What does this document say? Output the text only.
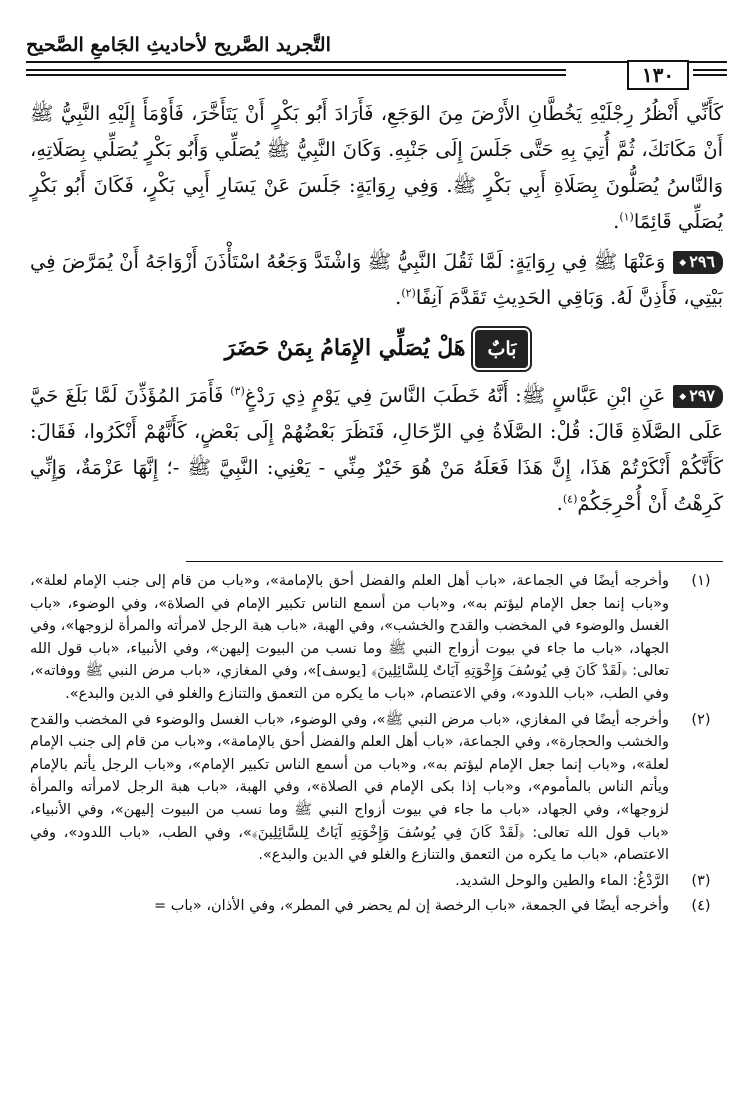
التَّجريد الصَّريح لأحاديثِ الجَامعِ الصَّحيح
١٣٠

كَأَنِّي أَنْظُرُ رِجْلَيْهِ يَخُطَّانِ الأَرْضَ مِنَ الوَجَعِ، فَأَرَادَ أَبُو بَكْرٍ أَنْ يَتَأَخَّرَ، فَأَوْمَأَ إِلَيْهِ النَّبِيُّ ﷺ أَنْ مَكَانَكَ، ثُمَّ أُتِيَ بِهِ حَتَّى جَلَسَ إِلَى جَنْبِهِ. وَكَانَ النَّبِيُّ ﷺ يُصَلِّي وَأَبُو بَكْرٍ يُصَلِّي بِصَلَاتِهِ، وَالنَّاسُ يُصَلُّونَ بِصَلَاةِ أَبِي بَكْرٍ ﷺ. وَفِي رِوَايَةٍ: جَلَسَ عَنْ يَسَارِ أَبِي بَكْرٍ، فَكَانَ أَبُو بَكْرٍ يُصَلِّي قَائِمًا$^{(١)}$.

٢٩٦ ◆وَعَنْهَا ﷺ فِي رِوَايَةٍ: لَمَّا ثَقُلَ النَّبِيُّ ﷺ وَاشْتَدَّ وَجَعُهُ اسْتَأْذَنَ أَزْوَاجَهُ أَنْ يُمَرَّضَ فِي بَيْتِي، فَأَذِنَّ لَهُ. وَبَاقِي الحَدِيثِ تَقَدَّمَ آنِفًا$^{(٢)}$.

بَابٌهَلْ يُصَلِّي الإِمَامُ بِمَنْ حَضَرَ

٢٩٧ ◆عَنِ ابْنِ عَبَّاسٍ ﷺ: أَنَّهُ خَطَبَ النَّاسَ فِي يَوْمٍ ذِي رَدْغٍ$^{(٣)}$ فَأَمَرَ المُؤَذِّنَ لَمَّا بَلَغَ حَيَّ عَلَى الصَّلَاةِ قَالَ: قُلْ: الصَّلَاةُ فِي الرِّحَالِ، فَنَظَرَ بَعْضُهُمْ إِلَى بَعْضٍ، كَأَنَّهُمْ أَنْكَرُوا، فَقَالَ: كَأَنَّكُمْ أَنْكَرْتُمْ هَذَا، إِنَّ هَذَا فَعَلَهُ مَنْ هُوَ خَيْرٌ مِنِّي - يَعْنِي: النَّبِيَّ ﷺ -؛ إِنَّهَا عَزْمَةٌ، وَإِنِّي كَرِهْتُ أَنْ أُحْرِجَكُمْ$^{(٤)}$.

(١)
وأخرجه أيضًا في الجماعة، «باب أهل العلم والفضل أحق بالإمامة»، و«باب من قام إلى جنب الإمام لعلة»، و«باب إنما جعل الإمام ليؤتم به»، و«باب من أسمع الناس تكبير الإمام في الصلاة»، وفي الوضوء، «باب الغسل والوضوء في المخضب والقدح والخشب»، وفي الهبة، «باب هبة الرجل لامرأته والمرأة لزوجها»، وفي الجهاد، «باب ما جاء في بيوت أزواج النبي ﷺ وما نسب من البيوت إليهن»، وفي الأنبياء، «باب قول الله تعالى: ﴿لَقَدْ كَانَ فِي يُوسُفَ وَإِخْوَتِهِ آيَاتٌ لِلسَّائِلِينَ﴾ [يوسف]»، وفي المغازي، «باب مرض النبي ﷺ ووفاته»، وفي الطب، «باب اللدود»، وفي الاعتصام، «باب ما يكره من التعمق والتنازع والغلو في الدين والبدع».
(٢)
وأخرجه أيضًا في المغازي، «باب مرض النبي ﷺ»، وفي الوضوء، «باب الغسل والوضوء في المخضب والقدح والخشب والحجارة»، وفي الجماعة، «باب أهل العلم والفضل أحق بالإمامة»، و«باب من قام إلى جنب الإمام لعلة»، و«باب إنما جعل الإمام ليؤتم به»، و«باب من أسمع الناس تكبير الإمام»، و«باب الرجل يأتم بالإمام ويأتم الناس بالمأموم»، و«باب إذا بكى الإمام في الصلاة»، وفي الهبة، «باب هبة الرجل لامرأته والمرأة لزوجها»، وفي الجهاد، «باب ما جاء في بيوت أزواج النبي ﷺ وما نسب من البيوت إليهن»، وفي الأنبياء، «باب قول الله تعالى: ﴿لَقَدْ كَانَ فِي يُوسُفَ وَإِخْوَتِهِ آيَاتٌ لِلسَّائِلِينَ﴾»، وفي الطب، «باب اللدود»، وفي الاعتصام، «باب ما يكره من التعمق والتنازع والغلو في الدين والبدع».
(٣)
الرَّدْغُ: الماء والطين والوحل الشديد.
(٤)
وأخرجه أيضًا في الجمعة، «باب الرخصة إن لم يحضر في المطر»، وفي الأذان، «باب =
